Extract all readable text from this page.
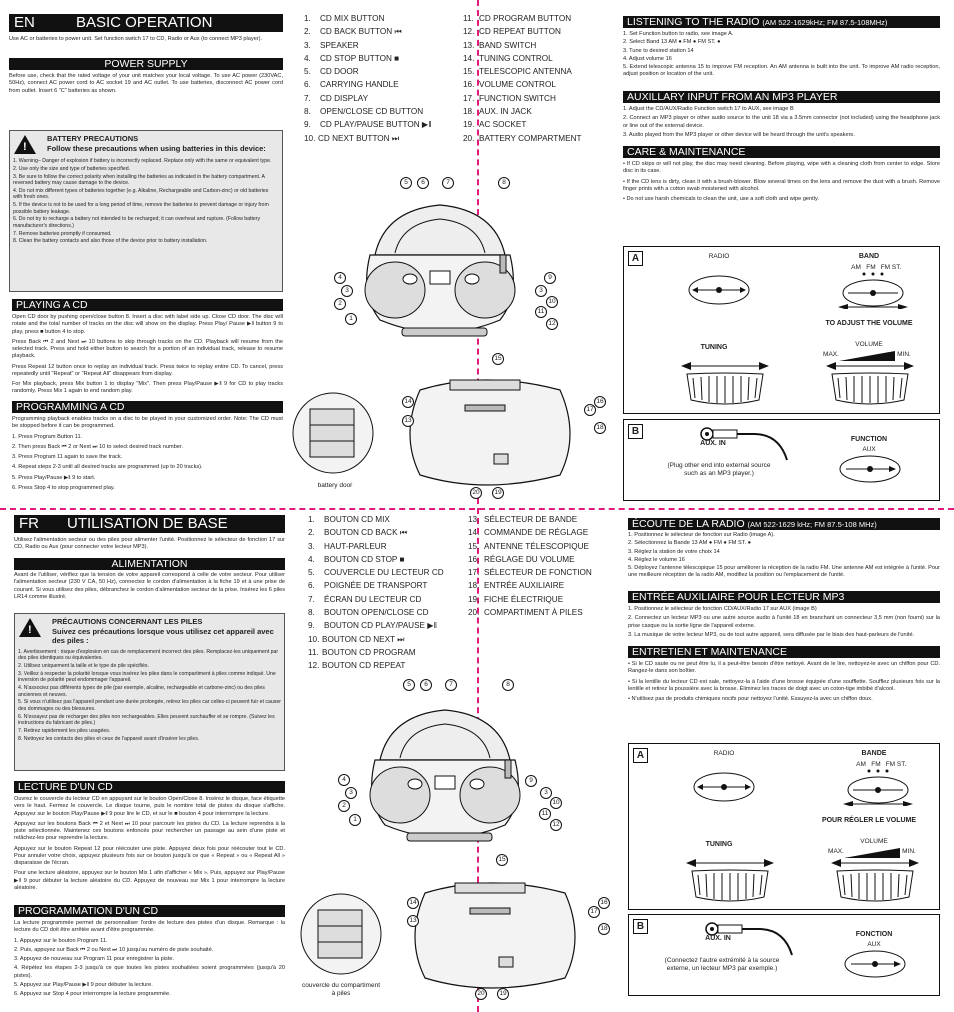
EN	BASIC OPERATION
Use AC or batteries to power unit. Set function switch 17 to CD, Radio or Aux (to connect MP3 player).
POWER SUPPLY
Before use, check that the rated voltage of your unit matches your local voltage. To use AC power (230VAC, 50Hz), connect AC power cord to AC socket 19 and AC outlet. To use batteries, disconnect AC power cord from outlet. Insert 6 "C" batteries as shown.
!
BATTERY PRECAUTIONS
Follow these precautions when using batteries in this device:
1. Warning– Danger of explosion if battery is incorrectly replaced. Replace only with the same or equivalent type.
2. Use only the size and type of batteries specified.
3. Be sure to follow the correct polarity when installing the batteries as indicated in the battery compartment. A reversed battery may cause damage to the device.
4. Do not mix different types of batteries together (e.g. Alkaline, Rechargeable and Carbon-zinc) or old batteries with fresh ones.
5. If the device is not to be used for a long period of time, remove the batteries to prevent damage or injury from possible battery leakage.
6. Do not try to recharge a battery not intended to be recharged; it can overheat and rupture. (Follow battery manufacturer's directions.)
7. Remove batteries promptly if consumed.
8. Clean the battery contacts and also those of the device prior to battery installation.
PLAYING A CD
Open CD door by pushing open/close button 8. Insert a disc with label side up. Close CD door. The disc will rotate and the total number of tracks on the disc will show on the display. Press Play/ Pause ▶‖ button 9 to play, press ■ button 4 to stop.
Press Back ⏮ 2 and Next ⏭ 10 buttons to skip through tracks on the CD. Playback will resume from the selected track. Press and hold either button to search for a portion of an individual track, release to resume playback.
Press Repeat 12 button once to replay an individual track. Press twice to replay entire CD. To cancel, press repeatedly until "Repeat" or "Repeat All" disappears from display.
For Mix playback, press Mix button 1 to display "Mix". Then press Play/Pause ▶‖ 9 for CD to play tracks randomly. Press Mix 1 again to end random play.
PROGRAMMING A CD
Programming playback enables tracks on a disc to be played in your customized order. Note: The CD must be stopped before it can be programmed.
1. Press Program Button 11.
2. Then press Back ⏮ 2 or Next ⏭ 10 to select desired track number.
3. Press Program 11 again to save the track.
4. Repeat steps 2-3 until all desired tracks are programmed (up to 20 tracks).
5. Press Play/Pause ▶‖ 9 to start.
6. Press Stop 4 to stop programmed play.
1.	CD MIX BUTTON
2.	CD BACK BUTTON ⏮
3.	SPEAKER
4.	CD STOP BUTTON ■
5.	CD DOOR
6.	CARRYING HANDLE
7.	CD DISPLAY
8.	OPEN/CLOSE CD BUTTON
9.	CD PLAY/PAUSE BUTTON ▶‖
10. CD NEXT BUTTON ⏭
11. CD PROGRAM BUTTON
12. CD REPEAT BUTTON
13. BAND SWITCH
14. TUNING CONTROL
15. TELESCOPIC ANTENNA
16. VOLUME CONTROL
17. FUNCTION SWITCH
18. AUX. IN JACK
19. AC SOCKET
20. BATTERY COMPARTMENT
5	6	7	8
4
3
2
1
9
3
10
11
12
15
14
13
16
17
18
20	19
battery door
LISTENING TO THE RADIO (AM 522-1629kHz; FM 87.5-108MHz)
1. Set Function button to radio, see image A.
2. Select Band 13 AM ● FM ● FM ST. ●
3. Tune to desired station 14
4. Adjust volume 16
5. Extend telescopic antenna 15 to improve FM reception. An AM antenna is built into the unit. To improve AM radio reception, adjust position or location of the unit.
AUXILLARY INPUT FROM AN MP3 PLAYER
1. Adjust the CD/AUX/Radio Function switch 17 to AUX, see image B
2. Connect an MP3 player or other audio source to the unit 18 via a 3.5mm connector (not included) using the headphone jack or line out of the external device.
3. Audio played from the MP3 player or other device will be heard through the unit's speakers.
CARE & MAINTENANCE
• If CD skips or will not play, the disc may need cleaning. Before playing, wipe with a cleaning cloth from center to edge. Store disc in its case.
• If the CD lens is dirty, clean it with a brush-blower. Blow several times on the lens and remove the dust with a brush. Remove finger prints with a cotton swab moistened with alcohol.
• Do not use harsh chemicals to clean the unit, use a soft cloth and wipe gently.
A	RADIO	BAND
AM FM FM ST.
TO ADJUST THE VOLUME
TUNING	VOLUME
MAX.	MIN.
B
AUX. IN
(Plug other end into external source such as an MP3 player.)
FUNCTION
AUX
FR UTILISATION DE BASE
Utilisez l'alimentation secteur ou des piles pour alimenter l'unité. Positionnez le sélecteur de fonction 17 sur CD, Radio ou Aux (pour connecter votre lecteur MP3).
ALIMENTATION
Avant de l'utiliser, vérifiez que la tension de votre appareil correspond à celle de votre secteur. Pour utiliser l'alimentation secteur (230 V CA, 50 Hz), connectez le cordon d'alimentation à la fiche 19 et à une prise de courant. Si vous utilisez des piles, débranchez le cordon d'alimentation secteur de la prise. Insérez les 6 piles LR14 comme illustré.
!
PRÉCAUTIONS CONCERNANT LES PILES
Suivez ces précautions lorsque vous utilisez cet appareil avec des piles :
1. Avertissement : risque d'explosion en cas de remplacement incorrect des piles. Remplacez-les uniquement par des piles identiques ou équivalentes.
2. Utilisez uniquement la taille et le type de pile spécifiés.
3. Veillez à respecter la polarité lorsque vous insérez les piles dans le compartiment à piles comme indiqué. Une inversion de polarité peut endommager l'appareil.
4. N'associez pas différents types de pile (par exemple, alcaline, rechargeable et carbone-zinc) ou des piles anciennes et neuves.
5. Si vous n'utilisez pas l'appareil pendant une durée prolongée, retirez les piles car celles-ci peuvent fuir et causer des dommages ou des blessures.
6. N'essayez pas de recharger des piles non rechargeables. Elles peuvent surchauffer et se rompre. (Suivez les instructions du fabricant de piles.)
7. Retirez rapidement les piles usagées.
8. Nettoyez les contacts des piles et ceux de l'appareil avant d'insérer les piles.
LECTURE D'UN CD
Ouvrez le couvercle du lecteur CD en appuyant sur le bouton Open/Close 8. Insérez le disque, face étiquette vers le haut. Fermez le couvercle. Le disque tourne, puis le nombre total de pistes du disque s'affiche. Appuyez sur le bouton Play/Pause ▶‖ 9 pour lire le CD, et sur le ■ bouton 4 pour interrompre la lecture.
Appuyez sur les boutons Back ⏮ 2 et Next ⏭ 10 pour parcourir les pistes du CD. La lecture reprendra à la piste sélectionnée. Maintenez ces boutons enfoncés pour rechercher un passage au sein d'une piste et relâchez-les pour reprendre la lecture.
Appuyez sur le bouton Repeat 12 pour réécouter une piste. Appuyez deux fois pour réécouter tout le CD. Pour annuler votre choix, appuyez plusieurs fois sur ce bouton jusqu'à ce que « Repeat » ou « Repeat All » disparaisse de l'écran.
Pour une lecture aléatoire, appuyez sur le bouton Mix 1 afin d'afficher « Mix ». Puis, appuyez sur Play/Pause ▶‖ 9 pour débuter la lecture aléatoire du CD. Appuyez de nouveau sur Mix 1 pour interrompre la lecture aléatoire.
PROGRAMMATION D'UN CD
La lecture programmée permet de personnaliser l'ordre de lecture des pistes d'un disque. Remarque : la lecture du CD doit être arrêtée avant d'être programmée.
1. Appuyez sur le bouton Program 11.
2. Puis, appuyez sur Back ⏮ 2 ou Next ⏭ 10 jusqu'au numéro de piste souhaité.
3. Appuyez de nouveau sur Program 11 pour enregistrer la piste.
4. Répétez les étapes 2-3 jusqu'à ce que toutes les pistes souhaitées soient programmées (jusqu'à 20 pistes).
5. Appuyez sur Play/Pause ▶‖ 9 pour débuter la lecture.
6. Appuyez sur Stop 4 pour interrompre la lecture programmée.
1.	BOUTON CD MIX
2.	BOUTON CD BACK ⏮
3.	HAUT-PARLEUR
4.	BOUTON CD STOP ■
5.	COUVERCLE DU LECTEUR CD
6.	POIGNÉE DE TRANSPORT
7.	ÉCRAN DU LECTEUR CD
8.	BOUTON OPEN/CLOSE CD
9.	BOUTON CD PLAY/PAUSE ▶‖
10. BOUTON CD NEXT ⏭
11. BOUTON CD PROGRAM
12. BOUTON CD REPEAT
13. SÉLECTEUR DE BANDE
14. COMMANDE DE RÉGLAGE
15. ANTENNE TÉLESCOPIQUE
16. RÉGLAGE DU VOLUME
17. SÉLECTEUR DE FONCTION
18. ENTRÉE AUXILIAIRE
19. FICHE ÉLECTRIQUE
20. COMPARTIMENT À PILES
5	6	7	8
4
3
2
1
9
3
10
11
12
15
14
13
16
17
18
20	19
couvercle du compartiment à piles
ÉCOUTE DE LA RADIO (AM 522-1629 kHz; FM 87.5-108 MHz)
1. Positionnez le sélecteur de fonction sur Radio (image A).
2. Sélectionnez la Bande 13 AM ● FM ● FM ST. ●
3. Réglez la station de votre choix 14
4. Réglez le volume 16
5. Déployez l'antenne télescopique 15 pour améliorer la réception de la radio FM. Une antenne AM est intégrée à l'unité. Pour une meilleure réception de la radio AM, modifiez la position ou l'emplacement de l'unité.
ENTRÉE AUXILIAIRE POUR LECTEUR MP3
1. Positionnez le sélecteur de fonction CD/AUX/Radio 17 sur AUX (image B)
2. Connectez un lecteur MP3 ou une autre source audio à l'unité 18 en branchant un connecteur 3,5 mm (non fourni) sur la prise casque ou la sortie ligne de l'appareil externe.
3. La musique de votre lecteur MP3, ou de tout autre appareil, sera diffusée par le biais des haut-parleurs de l'unité.
ENTRETIEN ET MAINTENANCE
• Si le CD saute ou ne peut être lu, il a peut-être besoin d'être nettoyé. Avant de le lire, nettoyez-le avec un chiffon pour CD. Rangez-le dans son boîtier.
• Si la lentille du lecteur CD est sale, nettoyez-la à l'aide d'une brosse équipée d'une soufflette. Soufflez plusieurs fois sur la lentille et retirez la poussière avec la brosse. Éliminez les traces de doigt avec un coton-tige imbibé d'alcool.
• N'utilisez pas de produits chimiques nocifs pour nettoyez l'unité. Essuyez-la avec un chiffon doux.
A	RADIO	BANDE
AM FM FM ST.
POUR RÉGLER LE VOLUME
TUNING	VOLUME
MAX.	MIN.
B
AUX. IN
(Connectez l'autre extrémité à la source externe, un lecteur MP3 par exemple.)
FONCTION
AUX
